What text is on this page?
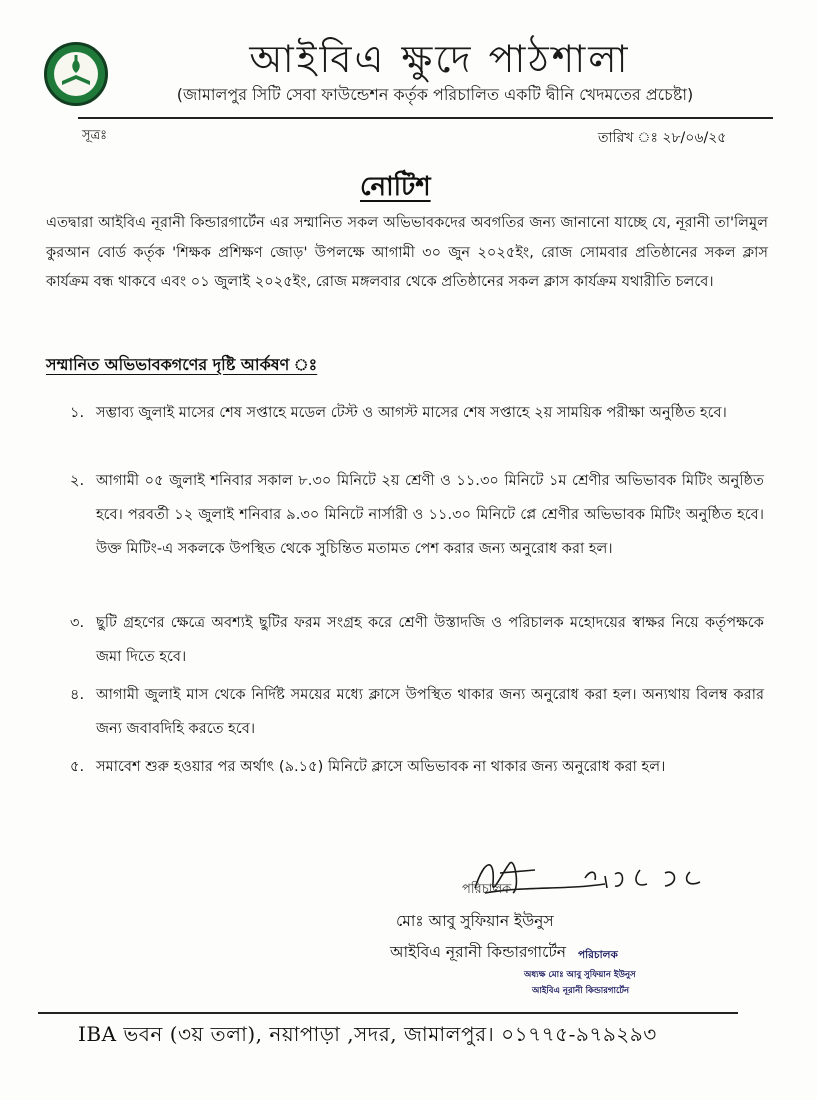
আইবিএ ক্ষুদে পাঠশালা
(জামালপুর সিটি সেবা ফাউন্ডেশন কর্তৃক পরিচালিত একটি দ্বীনি খেদমতের প্রচেষ্টা)
সূত্রঃ	তারিখ ঃ ২৮/০৬/২৫
নোটিশ
এতদ্বারা আইবিএ নূরানী কিন্ডারগার্টেন এর সম্মানিত সকল অভিভাবকদের অবগতির জন্য জানানো যাচ্ছে যে, নূরানী তা'লিমুল কুরআন বোর্ড কর্তৃক 'শিক্ষক প্রশিক্ষণ জোড়' উপলক্ষে আগামী ৩০ জুন ২০২৫ইং, রোজ সোমবার প্রতিষ্ঠানের সকল ক্লাস কার্যক্রম বন্ধ থাকবে এবং ০১ জুলাই ২০২৫ইং, রোজ মঙ্গলবার থেকে প্রতিষ্ঠানের সকল ক্লাস কার্যক্রম যথারীতি চলবে।
সম্মানিত অভিভাবকগণের দৃষ্টি আর্কষণ ঃ
১. সম্ভাব্য জুলাই মাসের শেষ সপ্তাহে মডেল টেস্ট ও আগস্ট মাসের শেষ সপ্তাহে ২য় সাময়িক পরীক্ষা অনুষ্ঠিত হবে।
২. আগামী ০৫ জুলাই শনিবার সকাল ৮.৩০ মিনিটে ২য় শ্রেণী ও ১১.৩০ মিনিটে ১ম শ্রেণীর অভিভাবক মিটিং অনুষ্ঠিত হবে। পরবর্তী ১২ জুলাই শনিবার ৯.৩০ মিনিটে নার্সারী ও ১১.৩০ মিনিটে প্লে শ্রেণীর অভিভাবক মিটিং অনুষ্ঠিত হবে। উক্ত মিটিং-এ সকলকে উপস্থিত থেকে সুচিন্তিত মতামত পেশ করার জন্য অনুরোধ করা হল।
৩. ছুটি গ্রহণের ক্ষেত্রে অবশ্যই ছুটির ফরম সংগ্রহ করে শ্রেণী উস্তাদজি ও পরিচালক মহোদয়ের স্বাক্ষর নিয়ে কর্তৃপক্ষকে জমা দিতে হবে।
৪. আগামী জুলাই মাস থেকে নির্দিষ্ট সময়ের মধ্যে ক্লাসে উপস্থিত থাকার জন্য অনুরোধ করা হল। অন্যথায় বিলম্ব করার জন্য জবাবদিহি করতে হবে।
৫. সমাবেশ শুরু হওয়ার পর অর্থাৎ (৯.১৫) মিনিটে ক্লাসে অভিভাবক না থাকার জন্য অনুরোধ করা হল।
পরিচালক
মোঃ আবু সুফিয়ান ইউনুস
আইবিএ নূরানী কিন্ডারগার্টেন পরিচালক
অধ্যক্ষ মোঃ আবু সুফিয়ান ইউনুস
আইবিএ নূরানী কিন্ডারগার্টেন
IBA ভবন (৩য় তলা), নয়াপাড়া ,সদর, জামালপুর। ০১৭৭৫-৯৭৯২৯৩
